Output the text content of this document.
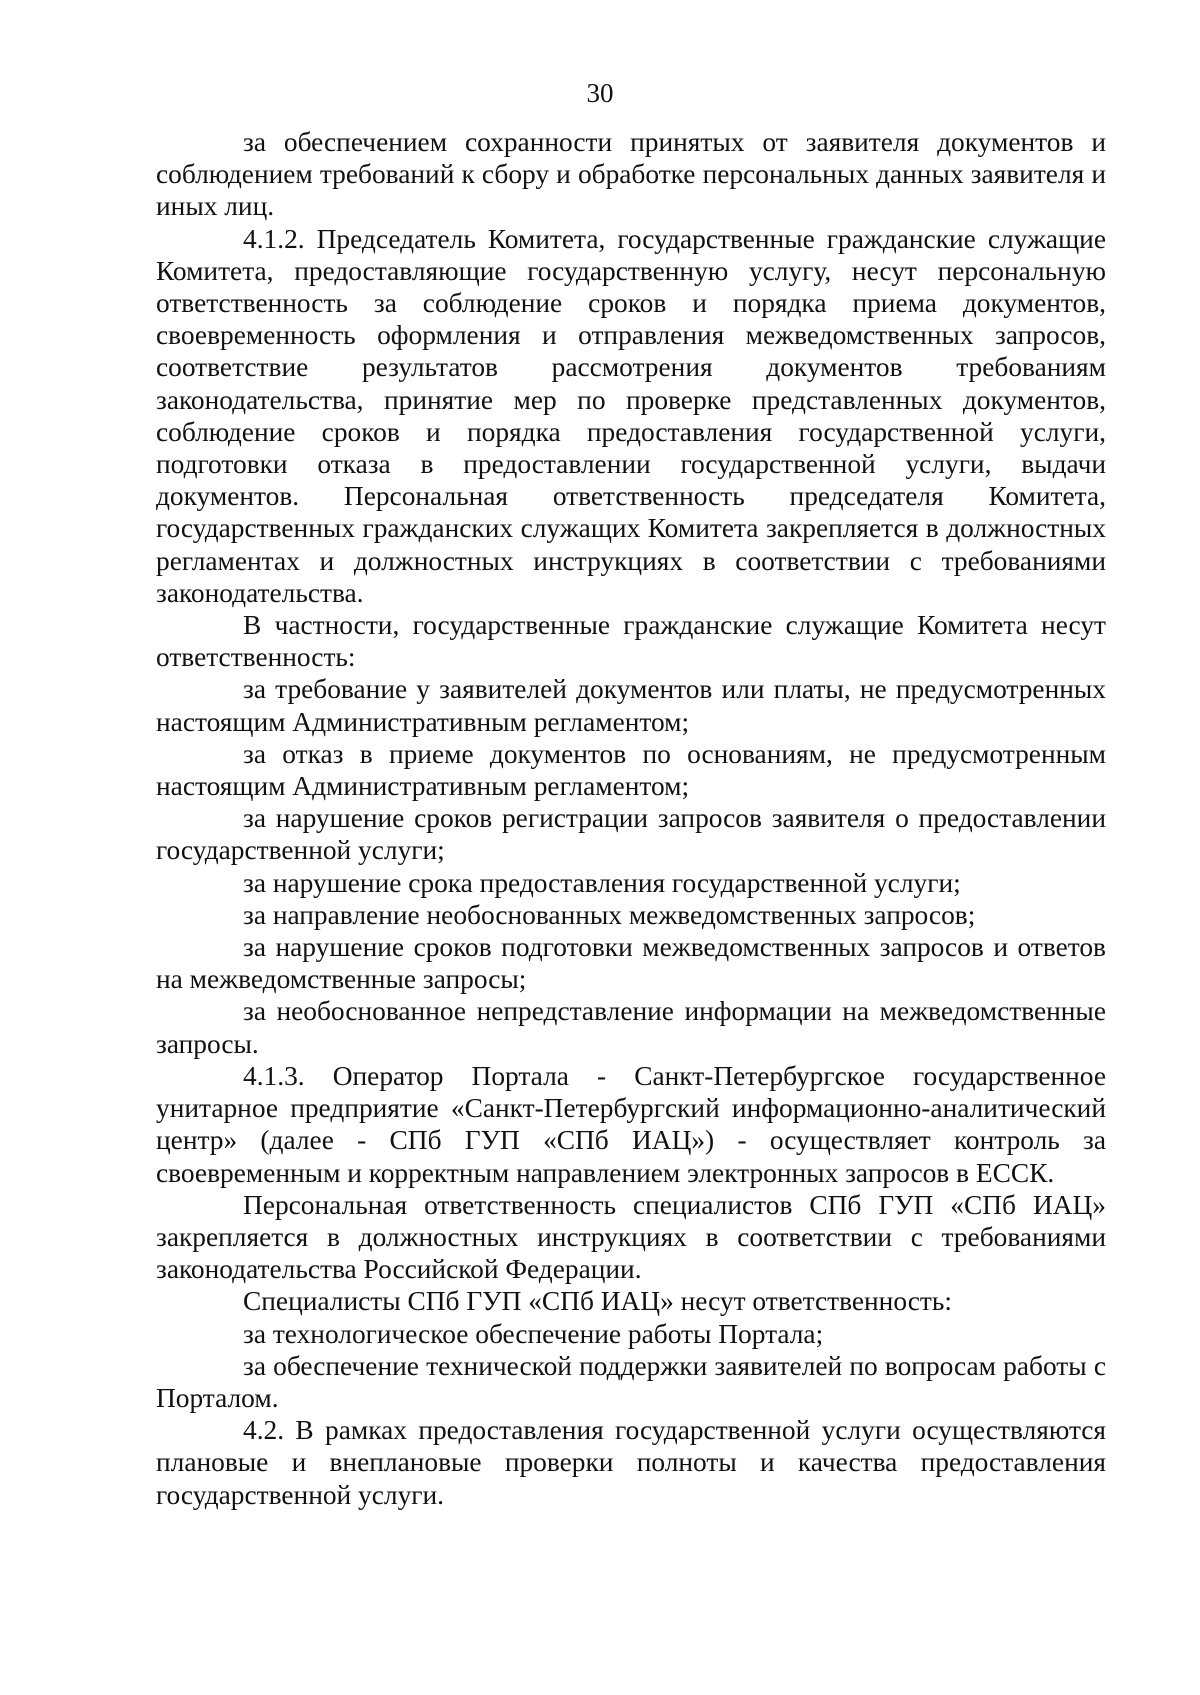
30

за обеспечением сохранности принятых от заявителя документов и соблюдением требований к сбору и обработке персональных данных заявителя и иных лиц.

4.1.2. Председатель Комитета, государственные гражданские служащие Комитета, предоставляющие государственную услугу, несут персональную ответственность за соблюдение сроков и порядка приема документов, своевременность оформления и отправления межведомственных запросов, соответствие результатов рассмотрения документов требованиям законодательства, принятие мер по проверке представленных документов, соблюдение сроков и порядка предоставления государственной услуги, подготовки отказа в предоставлении государственной услуги, выдачи документов. Персональная ответственность председателя Комитета, государственных гражданских служащих Комитета закрепляется в должностных регламентах и должностных инструкциях в соответствии с требованиями законодательства.

В частности, государственные гражданские служащие Комитета несут ответственность:

за требование у заявителей документов или платы, не предусмотренных настоящим Административным регламентом;

за отказ в приеме документов по основаниям, не предусмотренным настоящим Административным регламентом;

за нарушение сроков регистрации запросов заявителя о предоставлении государственной услуги;

за нарушение срока предоставления государственной услуги;

за направление необоснованных межведомственных запросов;

за нарушение сроков подготовки межведомственных запросов и ответов на межведомственные запросы;

за необоснованное непредставление информации на межведомственные запросы.

4.1.3. Оператор Портала - Санкт-Петербургское государственное унитарное предприятие «Санкт-Петербургский информационно-аналитический центр» (далее - СПб ГУП «СПб ИАЦ») - осуществляет контроль за своевременным и корректным направлением электронных запросов в ЕССК.

Персональная ответственность специалистов СПб ГУП «СПб ИАЦ» закрепляется в должностных инструкциях в соответствии с требованиями законодательства Российской Федерации.

Специалисты СПб ГУП «СПб ИАЦ» несут ответственность:

за технологическое обеспечение работы Портала;

за обеспечение технической поддержки заявителей по вопросам работы с Порталом.

4.2. В рамках предоставления государственной услуги осуществляются плановые и внеплановые проверки полноты и качества предоставления государственной услуги.
